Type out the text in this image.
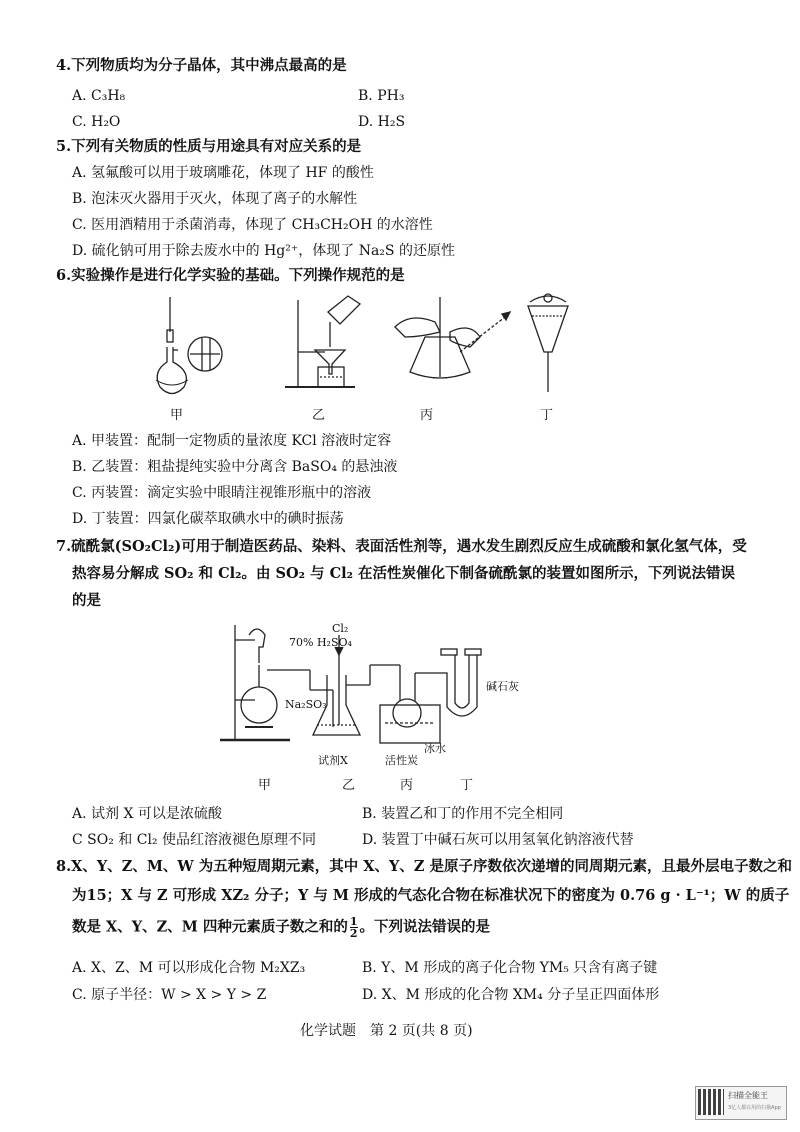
4.下列物质均为分子晶体，其中沸点最高的是
A. C₃H₈	B. PH₃
C. H₂O	D. H₂S
5.下列有关物质的性质与用途具有对应关系的是
A. 氢氟酸可以用于玻璃雕花，体现了 HF 的酸性
B. 泡沫灭火器用于灭火，体现了离子的水解性
C. 医用酒精用于杀菌消毒，体现了 CH₃CH₂OH 的水溶性
D. 硫化钠可用于除去废水中的 Hg²⁺，体现了 Na₂S 的还原性
6.实验操作是进行化学实验的基础。下列操作规范的是
甲	乙	丙	丁
A. 甲装置：配制一定物质的量浓度 KCl 溶液时定容
B. 乙装置：粗盐提纯实验中分离含 BaSO₄ 的悬浊液
C. 丙装置：滴定实验中眼睛注视锥形瓶中的溶液
D. 丁装置：四氯化碳萃取碘水中的碘时振荡
7.硫酰氯(SO₂Cl₂)可用于制造医药品、染料、表面活性剂等，遇水发生剧烈反应生成硫酸和氯化氢气体，受
热容易分解成 SO₂ 和 Cl₂。由 SO₂ 与 Cl₂ 在活性炭催化下制备硫酰氯的装置如图所示，下列说法错误
的是
70% H₂SO₄
Cl₂
Na₂SO₃
碱石灰
试剂X	活性炭
冰水
甲	乙	丙	丁
A. 试剂 X 可以是浓硫酸	B. 装置乙和丁的作用不完全相同
C SO₂ 和 Cl₂ 使品红溶液褪色原理不同	D. 装置丁中碱石灰可以用氢氧化钠溶液代替
8.X、Y、Z、M、W 为五种短周期元素，其中 X、Y、Z 是原子序数依次递增的同周期元素，且最外层电子数之和
为15；X 与 Z 可形成 XZ₂ 分子；Y 与 M 形成的气态化合物在标准状况下的密度为 0.76 g · L⁻¹；W 的质子
数是 X、Y、Z、M 四种元素质子数之和的 $\frac{1}{2}$ 。下列说法错误的是
A. X、Z、M 可以形成化合物 M₂XZ₃	B. Y、M 形成的离子化合物 YM₅ 只含有离子键
C. 原子半径：W > X > Y > Z	D. X、M 形成的化合物 XM₄ 分子呈正四面体形
化学试题　第 2 页(共 8 页)
扫描全能王
3亿人都在用的扫描App
